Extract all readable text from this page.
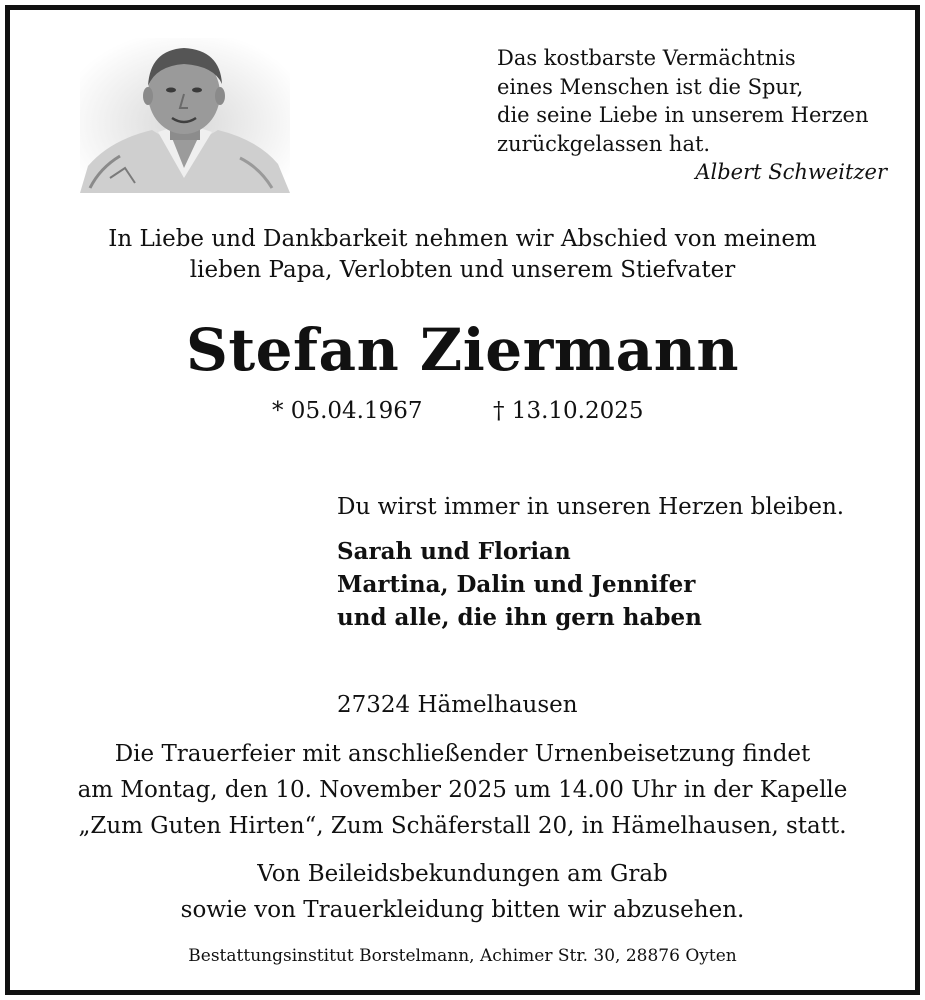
Das kostbarste Vermächtnis
eines Menschen ist die Spur,
die seine Liebe in unserem Herzen
zurückgelassen hat.
Albert Schweitzer
In Liebe und Dankbarkeit nehmen wir Abschied von meinem
lieben Papa, Verlobten und unserem Stiefvater
Stefan Ziermann
* 05.04.1967	† 13.10.2025
Du wirst immer in unseren Herzen bleiben.
Sarah und Florian
Martina, Dalin und Jennifer
und alle, die ihn gern haben
27324 Hämelhausen
Die Trauerfeier mit anschließender Urnenbeisetzung findet
am Montag, den 10. November 2025 um 14.00 Uhr in der Kapelle
„Zum Guten Hirten“, Zum Schäferstall 20, in Hämelhausen, statt.
Von Beileidsbekundungen am Grab
sowie von Trauerkleidung bitten wir abzusehen.
Bestattungsinstitut Borstelmann, Achimer Str. 30, 28876 Oyten
